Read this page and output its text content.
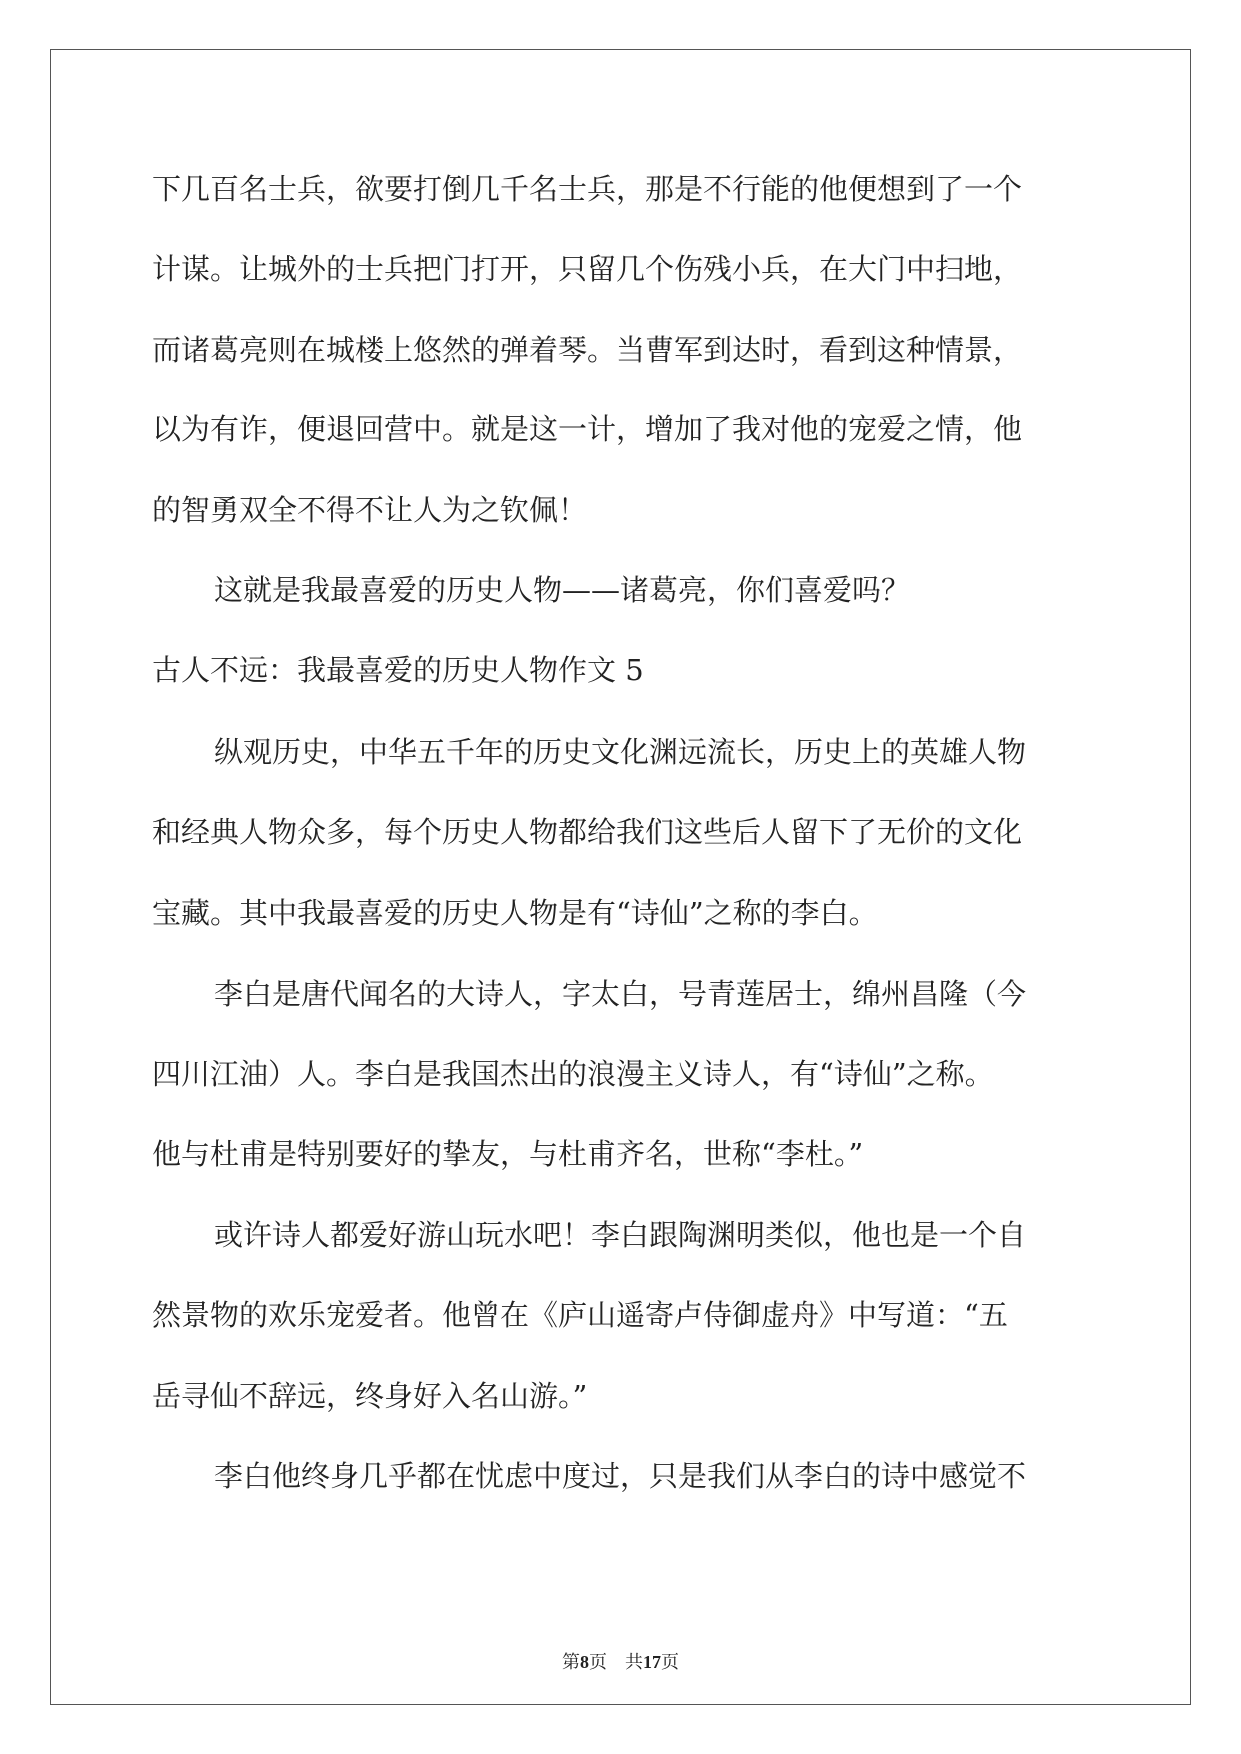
下几百名士兵，欲要打倒几千名士兵，那是不行能的他便想到了一个
计谋。让城外的士兵把门打开，只留几个伤残小兵，在大门中扫地，
而诸葛亮则在城楼上悠然的弹着琴。当曹军到达时，看到这种情景，
以为有诈，便退回营中。就是这一计，增加了我对他的宠爱之情，他
的智勇双全不得不让人为之钦佩！
这就是我最喜爱的历史人物——诸葛亮，你们喜爱吗？
古人不远：我最喜爱的历史人物作文 5
纵观历史，中华五千年的历史文化渊远流长，历史上的英雄人物
和经典人物众多，每个历史人物都给我们这些后人留下了无价的文化
宝藏。其中我最喜爱的历史人物是有“诗仙”之称的李白。
李白是唐代闻名的大诗人，字太白，号青莲居士，绵州昌隆（今
四川江油）人。李白是我国杰出的浪漫主义诗人，有“诗仙”之称。
他与杜甫是特别要好的挚友，与杜甫齐名，世称“李杜。”
或许诗人都爱好游山玩水吧！李白跟陶渊明类似，他也是一个自
然景物的欢乐宠爱者。他曾在《庐山遥寄卢侍御虚舟》中写道：“五
岳寻仙不辞远，终身好入名山游。”
李白他终身几乎都在忧虑中度过，只是我们从李白的诗中感觉不
第8页 共17页
